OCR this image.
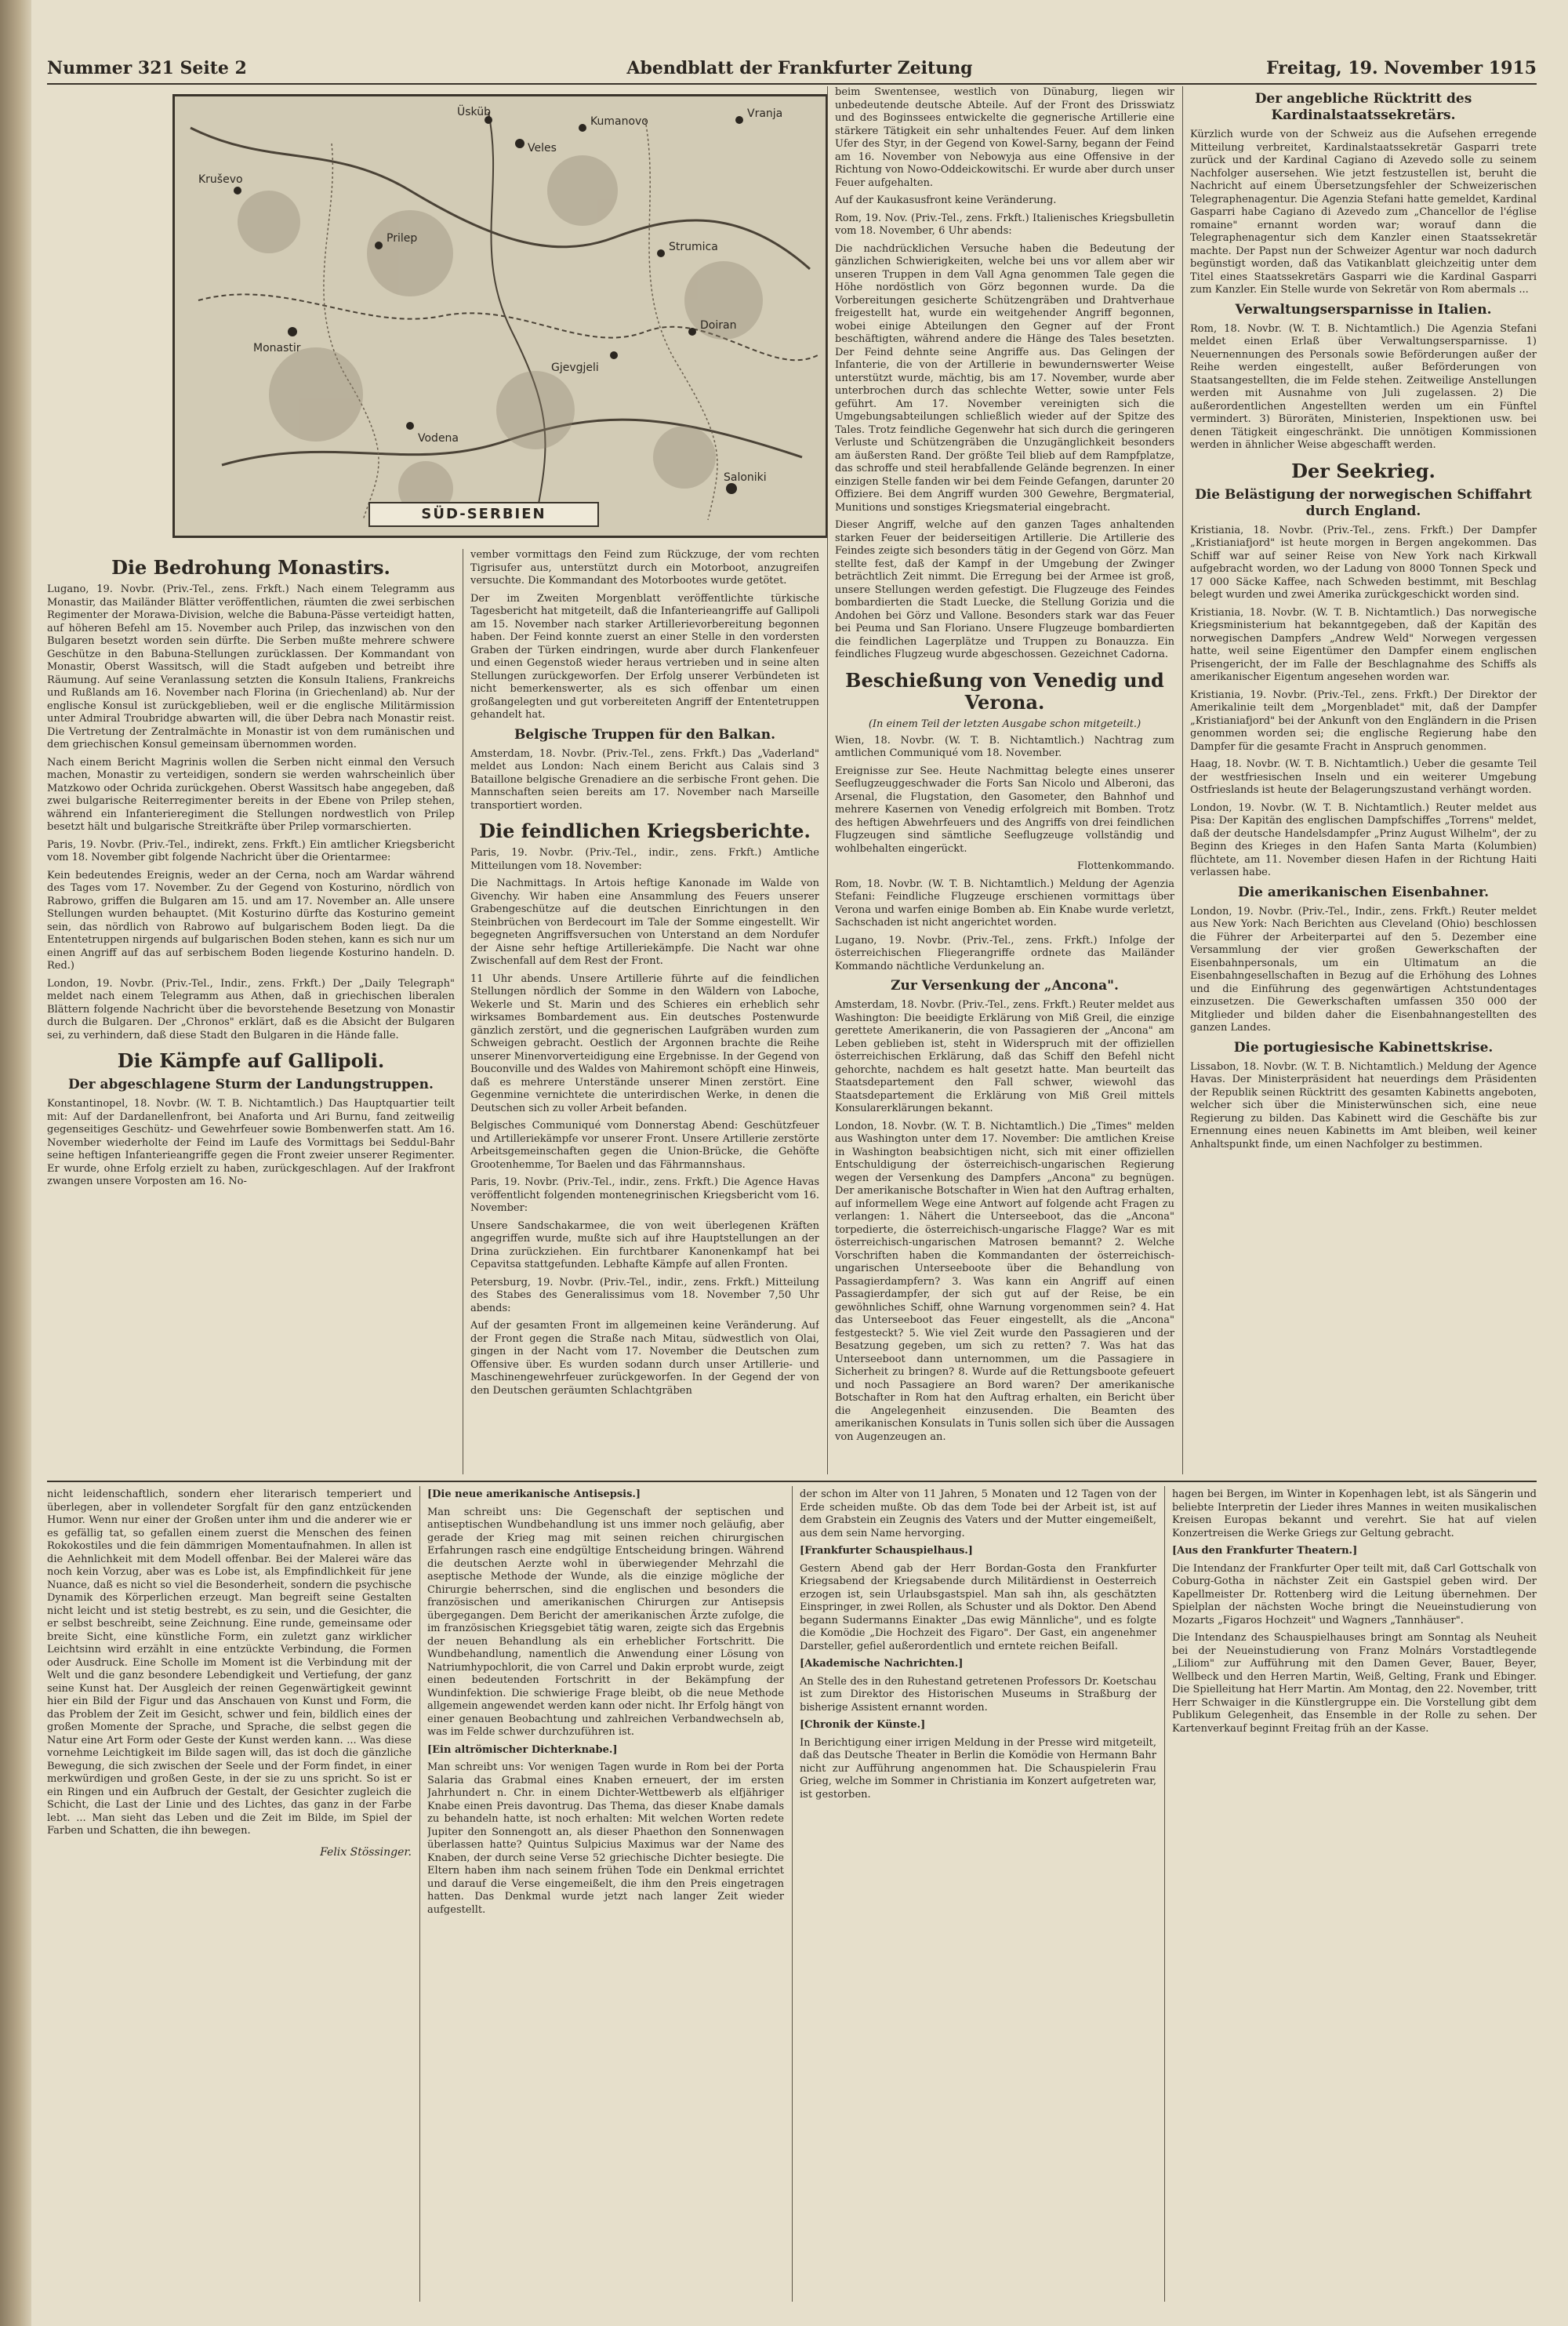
Nummer 321 Seite 2	Abendblatt der Frankfurter Zeitung	Freitag, 19. November 1915
Vranja
Kumanovo
Üsküb
Kruševo
Prilep
Monastir
Vodena
Strumica
Gjevgjeli
Doiran
Saloniki
Veles
SÜD-SERBIEN
Die Bedrohung Monastirs.

Lugano, 19. Novbr. (Priv.-Tel., zens. Frkft.) Nach einem Telegramm aus Monastir, das Mailänder Blätter veröffentlichen, räumten die zwei serbischen Regimenter der Morawa-Division, welche die Babuna-Pässe verteidigt hatten, auf höheren Befehl am 15. November auch Prilep, das inzwischen von den Bulgaren besetzt worden sein dürfte. Die Serben mußte mehrere schwere Geschütze in den Babuna-Stellungen zurücklassen. Der Kommandant von Monastir, Oberst Wassitsch, will die Stadt aufgeben und betreibt ihre Räumung. Auf seine Veranlassung setzten die Konsuln Italiens, Frankreichs und Rußlands am 16. November nach Florina (in Griechenland) ab. Nur der englische Konsul ist zurückgeblieben, weil er die englische Militärmission unter Admiral Troubridge abwarten will, die über Debra nach Monastir reist. Die Vertretung der Zentralmächte in Monastir ist von dem rumänischen und dem griechischen Konsul gemeinsam übernommen worden.

Nach einem Bericht Magrinis wollen die Serben nicht einmal den Versuch machen, Monastir zu verteidigen, sondern sie werden wahrscheinlich über Matzkowo oder Ochrida zurückgehen. Oberst Wassitsch habe angegeben, daß zwei bulgarische Reiterregimenter bereits in der Ebene von Prilep stehen, während ein Infanterieregiment die Stellungen nordwestlich von Prilep besetzt hält und bulgarische Streitkräfte über Prilep vormarschierten.

Paris, 19. Novbr. (Priv.-Tel., indirekt, zens. Frkft.) Ein amtlicher Kriegsbericht vom 18. November gibt folgende Nachricht über die Orientarmee:

Kein bedeutendes Ereignis, weder an der Cerna, noch am Wardar während des Tages vom 17. November. Zu der Gegend von Kosturino, nördlich von Rabrowo, griffen die Bulgaren am 15. und am 17. November an. Alle unsere Stellungen wurden behauptet. (Mit Kosturino dürfte das Kosturino gemeint sein, das nördlich von Rabrowo auf bulgarischem Boden liegt. Da die Ententetruppen nirgends auf bulgarischen Boden stehen, kann es sich nur um einen Angriff auf das auf serbischem Boden liegende Kosturino handeln. D. Red.)

London, 19. Novbr. (Priv.-Tel., Indir., zens. Frkft.) Der „Daily Telegraph" meldet nach einem Telegramm aus Athen, daß in griechischen liberalen Blättern folgende Nachricht über die bevorstehende Besetzung von Monastir durch die Bulgaren. Der „Chronos" erklärt, daß es die Absicht der Bulgaren sei, zu verhindern, daß diese Stadt den Bulgaren in die Hände falle.

Die Kämpfe auf Gallipoli.
Der abgeschlagene Sturm der Landungstruppen.

Konstantinopel, 18. Novbr. (W. T. B. Nichtamtlich.) Das Hauptquartier teilt mit: Auf der Dardanellenfront, bei Anaforta und Ari Burnu, fand zeitweilig gegenseitiges Geschütz- und Gewehrfeuer sowie Bombenwerfen statt. Am 16. November wiederholte der Feind im Laufe des Vormittags bei Seddul-Bahr seine heftigen Infanterieangriffe gegen die Front zweier unserer Regimenter. Er wurde, ohne Erfolg erzielt zu haben, zurückgeschlagen. Auf der Irakfront zwangen unsere Vorposten am 16. No-

vember vormittags den Feind zum Rückzuge, der vom rechten Tigrisufer aus, unterstützt durch ein Motorboot, anzugreifen versuchte. Die Kommandant des Motorbootes wurde getötet.

Der im Zweiten Morgenblatt veröffentlichte türkische Tagesbericht hat mitgeteilt, daß die Infanterieangriffe auf Gallipoli am 15. November nach starker Artillerievorbereitung begonnen haben. Der Feind konnte zuerst an einer Stelle in den vordersten Graben der Türken eindringen, wurde aber durch Flankenfeuer und einen Gegenstoß wieder heraus vertrieben und in seine alten Stellungen zurückgeworfen. Der Erfolg unserer Verbündeten ist nicht bemerkenswerter, als es sich offenbar um einen großangelegten und gut vorbereiteten Angriff der Ententetruppen gehandelt hat.

Belgische Truppen für den Balkan.

Amsterdam, 18. Novbr. (Priv.-Tel., zens. Frkft.) Das „Vaderland" meldet aus London: Nach einem Bericht aus Calais sind 3 Bataillone belgische Grenadiere an die serbische Front gehen. Die Mannschaften seien bereits am 17. November nach Marseille transportiert worden.

Die feindlichen Kriegsberichte.

Paris, 19. Novbr. (Priv.-Tel., indir., zens. Frkft.) Amtliche Mitteilungen vom 18. November:

Die Nachmittags. In Artois heftige Kanonade im Walde von Givenchy. Wir haben eine Ansammlung des Feuers unserer Grabengeschütze auf die deutschen Einrichtungen in den Steinbrüchen von Berdecourt im Tale der Somme eingestellt. Wir begegneten Angriffsversuchen von Unterstand an dem Nordufer der Aisne sehr heftige Artilleriekämpfe. Die Nacht war ohne Zwischenfall auf dem Rest der Front.

11 Uhr abends. Unsere Artillerie führte auf die feindlichen Stellungen nördlich der Somme in den Wäldern von Laboche, Wekerle und St. Marin und des Schieres ein erheblich sehr wirksames Bombardement aus. Ein deutsches Postenwurde gänzlich zerstört, und die gegnerischen Laufgräben wurden zum Schweigen gebracht. Oestlich der Argonnen brachte die Reihe unserer Minenvorverteidigung eine Ergebnisse. In der Gegend von Bouconville und des Waldes von Mahiremont schöpft eine Hinweis, daß es mehrere Unterstände unserer Minen zerstört. Eine Gegenmine vernichtete die unterirdischen Werke, in denen die Deutschen sich zu voller Arbeit befanden.

Belgisches Communiqué vom Donnerstag Abend: Geschützfeuer und Artilleriekämpfe vor unserer Front. Unsere Artillerie zerstörte Arbeitsgemeinschaften gegen die Union-Brücke, die Gehöfte Grootenhemme, Tor Baelen und das Fährmannshaus.

Paris, 19. Novbr. (Priv.-Tel., indir., zens. Frkft.) Die Agence Havas veröffentlicht folgenden montenegrinischen Kriegsbericht vom 16. November:

Unsere Sandschakarmee, die von weit überlegenen Kräften angegriffen wurde, mußte sich auf ihre Hauptstellungen an der Drina zurückziehen. Ein furchtbarer Kanonenkampf hat bei Cepavitsa stattgefunden. Lebhafte Kämpfe auf allen Fronten.

Petersburg, 19. Novbr. (Priv.-Tel., indir., zens. Frkft.) Mitteilung des Stabes des Generalissimus vom 18. November 7,50 Uhr abends:

Auf der gesamten Front im allgemeinen keine Veränderung. Auf der Front gegen die Straße nach Mitau, südwestlich von Olai, gingen in der Nacht vom 17. November die Deutschen zum Offensive über. Es wurden sodann durch unser Artillerie- und Maschinengewehrfeuer zurückgeworfen. In der Gegend der von den Deutschen geräumten Schlachtgräben

beim Swentensee, westlich von Dünaburg, liegen wir unbedeutende deutsche Abteile. Auf der Front des Drisswiatz und des Boginssees entwickelte die gegnerische Artillerie eine stärkere Tätigkeit ein sehr unhaltendes Feuer. Auf dem linken Ufer des Styr, in der Gegend von Kowel-Sarny, begann der Feind am 16. November von Nebowyja aus eine Offensive in der Richtung von Nowo-Oddeickowitschi. Er wurde aber durch unser Feuer aufgehalten.

Auf der Kaukasusfront keine Veränderung.

Rom, 19. Nov. (Priv.-Tel., zens. Frkft.) Italienisches Kriegsbulletin vom 18. November, 6 Uhr abends:

Die nachdrücklichen Versuche haben die Bedeutung der gänzlichen Schwierigkeiten, welche bei uns vor allem aber wir unseren Truppen in dem Vall Agna genommen Tale gegen die Höhe nordöstlich von Görz begonnen wurde. Da die Vorbereitungen gesicherte Schützengräben und Drahtverhaue freigestellt hat, wurde ein weitgehender Angriff begonnen, wobei einige Abteilungen den Gegner auf der Front beschäftigten, während andere die Hänge des Tales besetzten. Der Feind dehnte seine Angriffe aus. Das Gelingen der Infanterie, die von der Artillerie in bewundernswerter Weise unterstützt wurde, mächtig, bis am 17. November, wurde aber unterbrochen durch das schlechte Wetter, sowie unter Fels geführt. Am 17. November vereinigten sich die Umgebungsabteilungen schließlich wieder auf der Spitze des Tales. Trotz feindliche Gegenwehr hat sich durch die geringeren Verluste und Schützengräben die Unzugänglichkeit besonders am äußersten Rand. Der größte Teil blieb auf dem Rampfplatze, das schroffe und steil herabfallende Gelände begrenzen. In einer einzigen Stelle fanden wir bei dem Feinde Gefangen, darunter 20 Offiziere. Bei dem Angriff wurden 300 Gewehre, Bergmaterial, Munitions und sonstiges Kriegsmaterial eingebracht.

Dieser Angriff, welche auf den ganzen Tages anhaltenden starken Feuer der beiderseitigen Artillerie. Die Artillerie des Feindes zeigte sich besonders tätig in der Gegend von Görz. Man stellte fest, daß der Kampf in der Umgebung der Zwinger beträchtlich Zeit nimmt. Die Erregung bei der Armee ist groß, unsere Stellungen werden gefestigt. Die Flugzeuge des Feindes bombardierten die Stadt Luecke, die Stellung Gorizia und die Andohen bei Görz und Vallone. Besonders stark war das Feuer bei Peuma und San Floriano. Unsere Flugzeuge bombardierten die feindlichen Lagerplätze und Truppen zu Bonauzza. Ein feindliches Flugzeug wurde abgeschossen. Gezeichnet Cadorna.

Beschießung von Venedig und Verona.
(In einem Teil der letzten Ausgabe schon mitgeteilt.)

Wien, 18. Novbr. (W. T. B. Nichtamtlich.) Nachtrag zum amtlichen Communiqué vom 18. November.

Ereignisse zur See. Heute Nachmittag belegte eines unserer Seeflugzeuggeschwader die Forts San Nicolo und Alberoni, das Arsenal, die Flugstation, den Gasometer, den Bahnhof und mehrere Kasernen von Venedig erfolgreich mit Bomben. Trotz des heftigen Abwehrfeuers und des Angriffs von drei feindlichen Flugzeugen sind sämtliche Seeflugzeuge vollständig und wohlbehalten eingerückt.

Flottenkommando.

Rom, 18. Novbr. (W. T. B. Nichtamtlich.) Meldung der Agenzia Stefani: Feindliche Flugzeuge erschienen vormittags über Verona und warfen einige Bomben ab. Ein Knabe wurde verletzt, Sachschaden ist nicht angerichtet worden.

Lugano, 19. Novbr. (Priv.-Tel., zens. Frkft.) Infolge der österreichischen Fliegerangriffe ordnete das Mailänder Kommando nächtliche Verdunkelung an.

Zur Versenkung der „Ancona".

Amsterdam, 18. Novbr. (Priv.-Tel., zens. Frkft.) Reuter meldet aus Washington: Die beeidigte Erklärung von Miß Greil, die einzige gerettete Amerikanerin, die von Passagieren der „Ancona" am Leben geblieben ist, steht in Widerspruch mit der offiziellen österreichischen Erklärung, daß das Schiff den Befehl nicht gehorchte, nachdem es halt gesetzt hatte. Man beurteilt das Staatsdepartement den Fall schwer, wiewohl das Staatsdepartement die Erklärung von Miß Greil mittels Konsularerklärungen bekannt.

London, 18. Novbr. (W. T. B. Nichtamtlich.) Die „Times" melden aus Washington unter dem 17. November: Die amtlichen Kreise in Washington beabsichtigen nicht, sich mit einer offiziellen Entschuldigung der österreichisch-ungarischen Regierung wegen der Versenkung des Dampfers „Ancona" zu begnügen. Der amerikanische Botschafter in Wien hat den Auftrag erhalten, auf informellem Wege eine Antwort auf folgende acht Fragen zu verlangen: 1. Nähert die Unterseeboot, das die „Ancona" torpedierte, die österreichisch-ungarische Flagge? War es mit österreichisch-ungarischen Matrosen bemannt? 2. Welche Vorschriften haben die Kommandanten der österreichisch-ungarischen Unterseeboote über die Behandlung von Passagierdampfern? 3. Was kann ein Angriff auf einen Passagierdampfer, der sich gut auf der Reise, be ein gewöhnliches Schiff, ohne Warnung vorgenommen sein? 4. Hat das Unterseeboot das Feuer eingestellt, als die „Ancona" festgesteckt? 5. Wie viel Zeit wurde den Passagieren und der Besatzung gegeben, um sich zu retten? 7. Was hat das Unterseeboot dann unternommen, um die Passagiere in Sicherheit zu bringen? 8. Wurde auf die Rettungsboote gefeuert und noch Passagiere an Bord waren? Der amerikanische Botschafter in Rom hat den Auftrag erhalten, ein Bericht über die Angelegenheit einzusenden. Die Beamten des amerikanischen Konsulats in Tunis sollen sich über die Aussagen von Augenzeugen an.

Der angebliche Rücktritt des Kardinalstaatssekretärs.

Kürzlich wurde von der Schweiz aus die Aufsehen erregende Mitteilung verbreitet, Kardinalstaatssekretär Gasparri trete zurück und der Kardinal Cagiano di Azevedo solle zu seinem Nachfolger ausersehen. Wie jetzt festzustellen ist, beruht die Nachricht auf einem Übersetzungsfehler der Schweizerischen Telegraphenagentur. Die Agenzia Stefani hatte gemeldet, Kardinal Gasparri habe Cagiano di Azevedo zum „Chancellor de l'église romaine" ernannt worden war; worauf dann die Telegraphenagentur sich dem Kanzler einen Staatssekretär machte. Der Papst nun der Schweizer Agentur war noch dadurch begünstigt worden, daß das Vatikanblatt gleichzeitig unter dem Titel eines Staatssekretärs Gasparri wie die Kardinal Gasparri zum Kanzler. Ein Stelle wurde von Sekretär von Rom abermals ...

Verwaltungsersparnisse in Italien.

Rom, 18. Novbr. (W. T. B. Nichtamtlich.) Die Agenzia Stefani meldet einen Erlaß über Verwaltungsersparnisse. 1) Neuernennungen des Personals sowie Beförderungen außer der Reihe werden eingestellt, außer Beförderungen von Staatsangestellten, die im Felde stehen. Zeitweilige Anstellungen werden mit Ausnahme von Juli zugelassen. 2) Die außerordentlichen Angestellten werden um ein Fünftel vermindert. 3) Büroräten, Ministerien, Inspektionen usw. bei denen Tätigkeit eingeschränkt. Die unnötigen Kommissionen werden in ähnlicher Weise abgeschafft werden.

Der Seekrieg.
Die Belästigung der norwegischen Schiffahrt durch England.

Kristiania, 18. Novbr. (Priv.-Tel., zens. Frkft.) Der Dampfer „Kristianiafjord" ist heute morgen in Bergen angekommen. Das Schiff war auf seiner Reise von New York nach Kirkwall aufgebracht worden, wo der Ladung von 8000 Tonnen Speck und 17 000 Säcke Kaffee, nach Schweden bestimmt, mit Beschlag belegt wurden und zwei Amerika zurückgeschickt worden sind.

Kristiania, 18. Novbr. (W. T. B. Nichtamtlich.) Das norwegische Kriegsministerium hat bekanntgegeben, daß der Kapitän des norwegischen Dampfers „Andrew Weld" Norwegen vergessen hatte, weil seine Eigentümer den Dampfer einem englischen Prisengericht, der im Falle der Beschlagnahme des Schiffs als amerikanischer Eigentum angesehen worden war.

Kristiania, 19. Novbr. (Priv.-Tel., zens. Frkft.) Der Direktor der Amerikalinie teilt dem „Morgenbladet" mit, daß der Dampfer „Kristianiafjord" bei der Ankunft von den Engländern in die Prisen genommen worden sei; die englische Regierung habe den Dampfer für die gesamte Fracht in Anspruch genommen.

Haag, 18. Novbr. (W. T. B. Nichtamtlich.) Ueber die gesamte Teil der westfriesischen Inseln und ein weiterer Umgebung Ostfrieslands ist heute der Belagerungszustand verhängt worden.

London, 19. Novbr. (W. T. B. Nichtamtlich.) Reuter meldet aus Pisa: Der Kapitän des englischen Dampfschiffes „Torrens" meldet, daß der deutsche Handelsdampfer „Prinz August Wilhelm", der zu Beginn des Krieges in den Hafen Santa Marta (Kolumbien) flüchtete, am 11. November diesen Hafen in der Richtung Haiti verlassen habe.

Die amerikanischen Eisenbahner.

London, 19. Novbr. (Priv.-Tel., Indir., zens. Frkft.) Reuter meldet aus New York: Nach Berichten aus Cleveland (Ohio) beschlossen die Führer der Arbeiterpartei auf den 5. Dezember eine Versammlung der vier großen Gewerkschaften der Eisenbahnpersonals, um ein Ultimatum an die Eisenbahngesellschaften in Bezug auf die Erhöhung des Lohnes und die Einführung des gegenwärtigen Achtstundentages einzusetzen. Die Gewerkschaften umfassen 350 000 der Mitglieder und bilden daher die Eisenbahnangestellten des ganzen Landes.

Die portugiesische Kabinettskrise.

Lissabon, 18. Novbr. (W. T. B. Nichtamtlich.) Meldung der Agence Havas. Der Ministerpräsident hat neuerdings dem Präsidenten der Republik seinen Rücktritt des gesamten Kabinetts angeboten, welcher sich über die Ministerwünschen sich, eine neue Regierung zu bilden. Das Kabinett wird die Geschäfte bis zur Ernennung eines neuen Kabinetts im Amt bleiben, weil keiner Anhaltspunkt finde, um einen Nachfolger zu bestimmen.

nicht leidenschaftlich, sondern eher literarisch temperiert und überlegen, aber in vollendeter Sorgfalt für den ganz entzückenden Humor. Wenn nur einer der Großen unter ihm und die anderer wie er es gefällig tat, so gefallen einem zuerst die Menschen des feinen Rokokostiles und die fein dämmrigen Momentaufnahmen. In allen ist die Aehnlichkeit mit dem Modell offenbar. Bei der Malerei wäre das noch kein Vorzug, aber was es Lobe ist, als Empfindlichkeit für jene Nuance, daß es nicht so viel die Besonderheit, sondern die psychische Dynamik des Körperlichen erzeugt. Man begreift seine Gestalten nicht leicht und ist stetig bestrebt, es zu sein, und die Gesichter, die er selbst beschreibt, seine Zeichnung. Eine runde, gemeinsame oder breite Sicht, eine künstliche Form, ein zuletzt ganz wirklicher Leichtsinn wird erzählt in eine entzückte Verbindung, die Formen oder Ausdruck. Eine Scholle im Moment ist die Verbindung mit der Welt und die ganz besondere Lebendigkeit und Vertiefung, der ganz seine Kunst hat. Der Ausgleich der reinen Gegenwärtigkeit gewinnt hier ein Bild der Figur und das Anschauen von Kunst und Form, die das Problem der Zeit im Gesicht, schwer und fein, bildlich eines der großen Momente der Sprache, und Sprache, die selbst gegen die Natur eine Art Form oder Geste der Kunst werden kann. ... Was diese vornehme Leichtigkeit im Bilde sagen will, das ist doch die gänzliche Bewegung, die sich zwischen der Seele und der Form findet, in einer merkwürdigen und großen Geste, in der sie zu uns spricht. So ist er ein Ringen und ein Aufbruch der Gestalt, der Gesichter zugleich die Schicht, die Last der Linie und des Lichtes, das ganz in der Farbe lebt. ... Man sieht das Leben und die Zeit im Bilde, im Spiel der Farben und Schatten, die ihn bewegen.

Felix Stössinger.

[Die neue amerikanische Antisepsis.]

Man schreibt uns: Die Gegenschaft der septischen und antiseptischen Wundbehandlung ist uns immer noch geläufig, aber gerade der Krieg mag mit seinen reichen chirurgischen Erfahrungen rasch eine endgültige Entscheidung bringen. Während die deutschen Aerzte wohl in überwiegender Mehrzahl die aseptische Methode der Wunde, als die einzige mögliche der Chirurgie beherrschen, sind die englischen und besonders die französischen und amerikanischen Chirurgen zur Antisepsis übergegangen. Dem Bericht der amerikanischen Ärzte zufolge, die im französischen Kriegsgebiet tätig waren, zeigte sich das Ergebnis der neuen Behandlung als ein erheblicher Fortschritt. Die Wundbehandlung, namentlich die Anwendung einer Lösung von Natriumhypochlorit, die von Carrel und Dakin erprobt wurde, zeigt einen bedeutenden Fortschritt in der Bekämpfung der Wundinfektion. Die schwierige Frage bleibt, ob die neue Methode allgemein angewendet werden kann oder nicht. Ihr Erfolg hängt von einer genauen Beobachtung und zahlreichen Verbandwechseln ab, was im Felde schwer durchzuführen ist.

[Ein altrömischer Dichterknabe.]

Man schreibt uns: Vor wenigen Tagen wurde in Rom bei der Porta Salaria das Grabmal eines Knaben erneuert, der im ersten Jahrhundert n. Chr. in einem Dichter-Wettbewerb als elfjähriger Knabe einen Preis davontrug. Das Thema, das dieser Knabe damals zu behandeln hatte, ist noch erhalten: Mit welchen Worten redete Jupiter den Sonnengott an, als dieser Phaethon den Sonnenwagen überlassen hatte? Quintus Sulpicius Maximus war der Name des Knaben, der durch seine Verse 52 griechische Dichter besiegte. Die Eltern haben ihm nach seinem frühen Tode ein Denkmal errichtet und darauf die Verse eingemeißelt, die ihm den Preis eingetragen hatten. Das Denkmal wurde jetzt nach langer Zeit wieder aufgestellt.

der schon im Alter von 11 Jahren, 5 Monaten und 12 Tagen von der Erde scheiden mußte. Ob das dem Tode bei der Arbeit ist, ist auf dem Grabstein ein Zeugnis des Vaters und der Mutter eingemeißelt, aus dem sein Name hervorging.

[Frankfurter Schauspielhaus.]

Gestern Abend gab der Herr Bordan-Gosta den Frankfurter Kriegsabend der Kriegsabende durch Militärdienst in Oesterreich erzogen ist, sein Urlaubsgastspiel. Man sah ihn, als geschätzten Einspringer, in zwei Rollen, als Schuster und als Doktor. Den Abend begann Sudermanns Einakter „Das ewig Männliche", und es folgte die Komödie „Die Hochzeit des Figaro". Der Gast, ein angenehmer Darsteller, gefiel außerordentlich und erntete reichen Beifall.

[Akademische Nachrichten.]

An Stelle des in den Ruhestand getretenen Professors Dr. Koetschau ist zum Direktor des Historischen Museums in Straßburg der bisherige Assistent ernannt worden.

[Chronik der Künste.]

In Berichtigung einer irrigen Meldung in der Presse wird mitgeteilt, daß das Deutsche Theater in Berlin die Komödie von Hermann Bahr nicht zur Aufführung angenommen hat. Die Schauspielerin Frau Grieg, welche im Sommer in Christiania im Konzert aufgetreten war, ist gestorben.

hagen bei Bergen, im Winter in Kopenhagen lebt, ist als Sängerin und beliebte Interpretin der Lieder ihres Mannes in weiten musikalischen Kreisen Europas bekannt und verehrt. Sie hat auf vielen Konzertreisen die Werke Griegs zur Geltung gebracht.

[Aus den Frankfurter Theatern.]

Die Intendanz der Frankfurter Oper teilt mit, daß Carl Gottschalk von Coburg-Gotha in nächster Zeit ein Gastspiel geben wird. Der Kapellmeister Dr. Rottenberg wird die Leitung übernehmen. Der Spielplan der nächsten Woche bringt die Neueinstudierung von Mozarts „Figaros Hochzeit" und Wagners „Tannhäuser".

Die Intendanz des Schauspielhauses bringt am Sonntag als Neuheit bei der Neueinstudierung von Franz Molnárs Vorstadtlegende „Liliom" zur Aufführung mit den Damen Gever, Bauer, Beyer, Wellbeck und den Herren Martin, Weiß, Gelting, Frank und Ebinger. Die Spielleitung hat Herr Martin. Am Montag, den 22. November, tritt Herr Schwaiger in die Künstlergruppe ein. Die Vorstellung gibt dem Publikum Gelegenheit, das Ensemble in der Rolle zu sehen. Der Kartenverkauf beginnt Freitag früh an der Kasse.
